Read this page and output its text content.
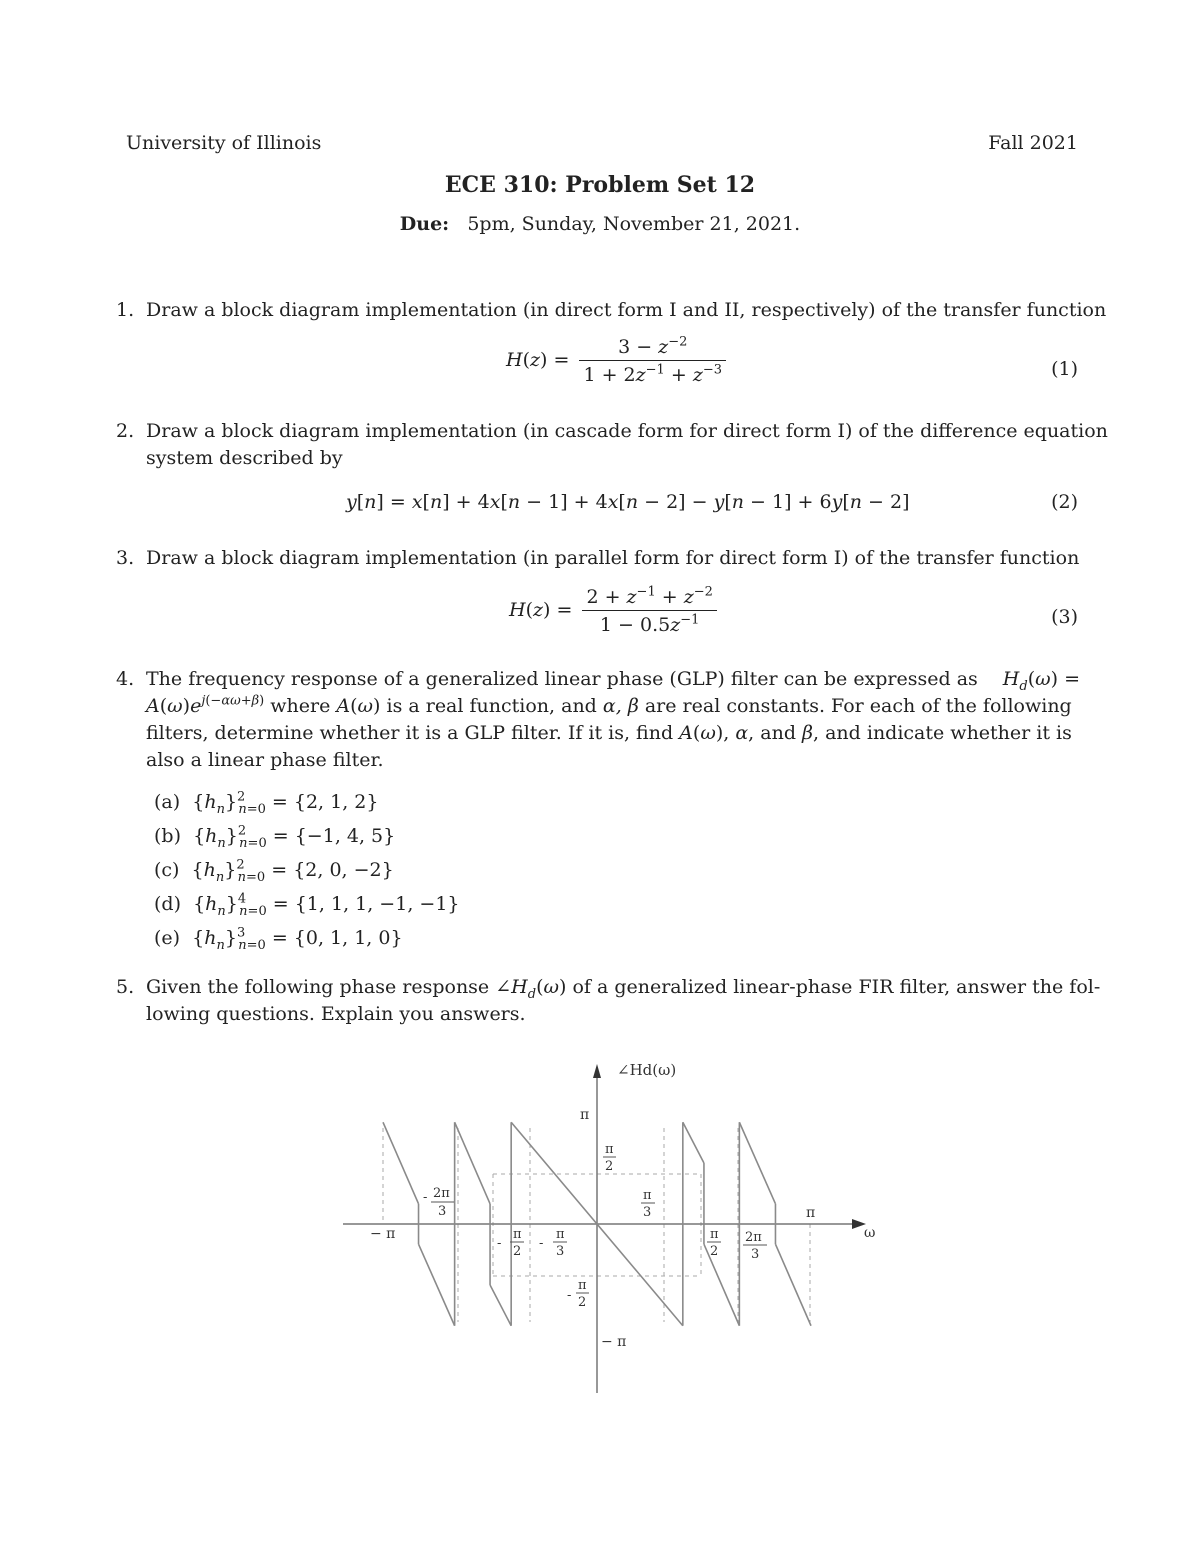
University of Illinois	Fall 2021
ECE 310: Problem Set 12
Due: 5pm, Sunday, November 21, 2021.
1. Draw a block diagram implementation (in direct form I and II, respectively) of the transfer function
$H(z) = \frac{3 - z^{-2}}{1 + 2z^{-1} + z^{-3}}$	(1)
2. Draw a block diagram implementation (in cascade form for direct form I) of the difference equation
system described by
y[n] = x[n] + 4x[n − 1] + 4x[n − 2] − y[n − 1] + 6y[n − 2]	(2)
3. Draw a block diagram implementation (in parallel form for direct form I) of the transfer function
$H(z) = \frac{2 + z^{-1} + z^{-2}}{1 - 0.5z^{-1}}$	(3)
4. The frequency response of a generalized linear phase (GLP) filter can be expressed as $H_d(\omega)$ =
$A(\omega)e^{j(-\alpha\omega+\beta)}$ where A(ω) is a real function, and α, β are real constants. For each of the following
filters, determine whether it is a GLP filter. If it is, find A(ω), α, and β, and indicate whether it is
also a linear phase filter.
(a)  $\{h_n\}^2_{n=0} = \{2$, 1, 2}
(b)  $\{h_n\}^2_{n=0} = \{-1$, 4, 5}
(c)  $\{h_n\}^2_{n=0} = \{2$, 0, −2}
(d)  $\{h_n\}^4_{n=0} = \{1$, 1, 1, −1, −1}
(e)  $\{h_n\}^3_{n=0} = \{0$, 1, 1, 0}
5. Given the following phase response $\angle H_d(\omega)$ of a generalized linear-phase FIR filter, answer the fol-
lowing questions. Explain you answers.
∠Hd(ω)
ω
π
− π
π
2
π
3
- 2π
3
-
π
2
− π
π
-
π
2
-
π
3
π
2
2π
3
